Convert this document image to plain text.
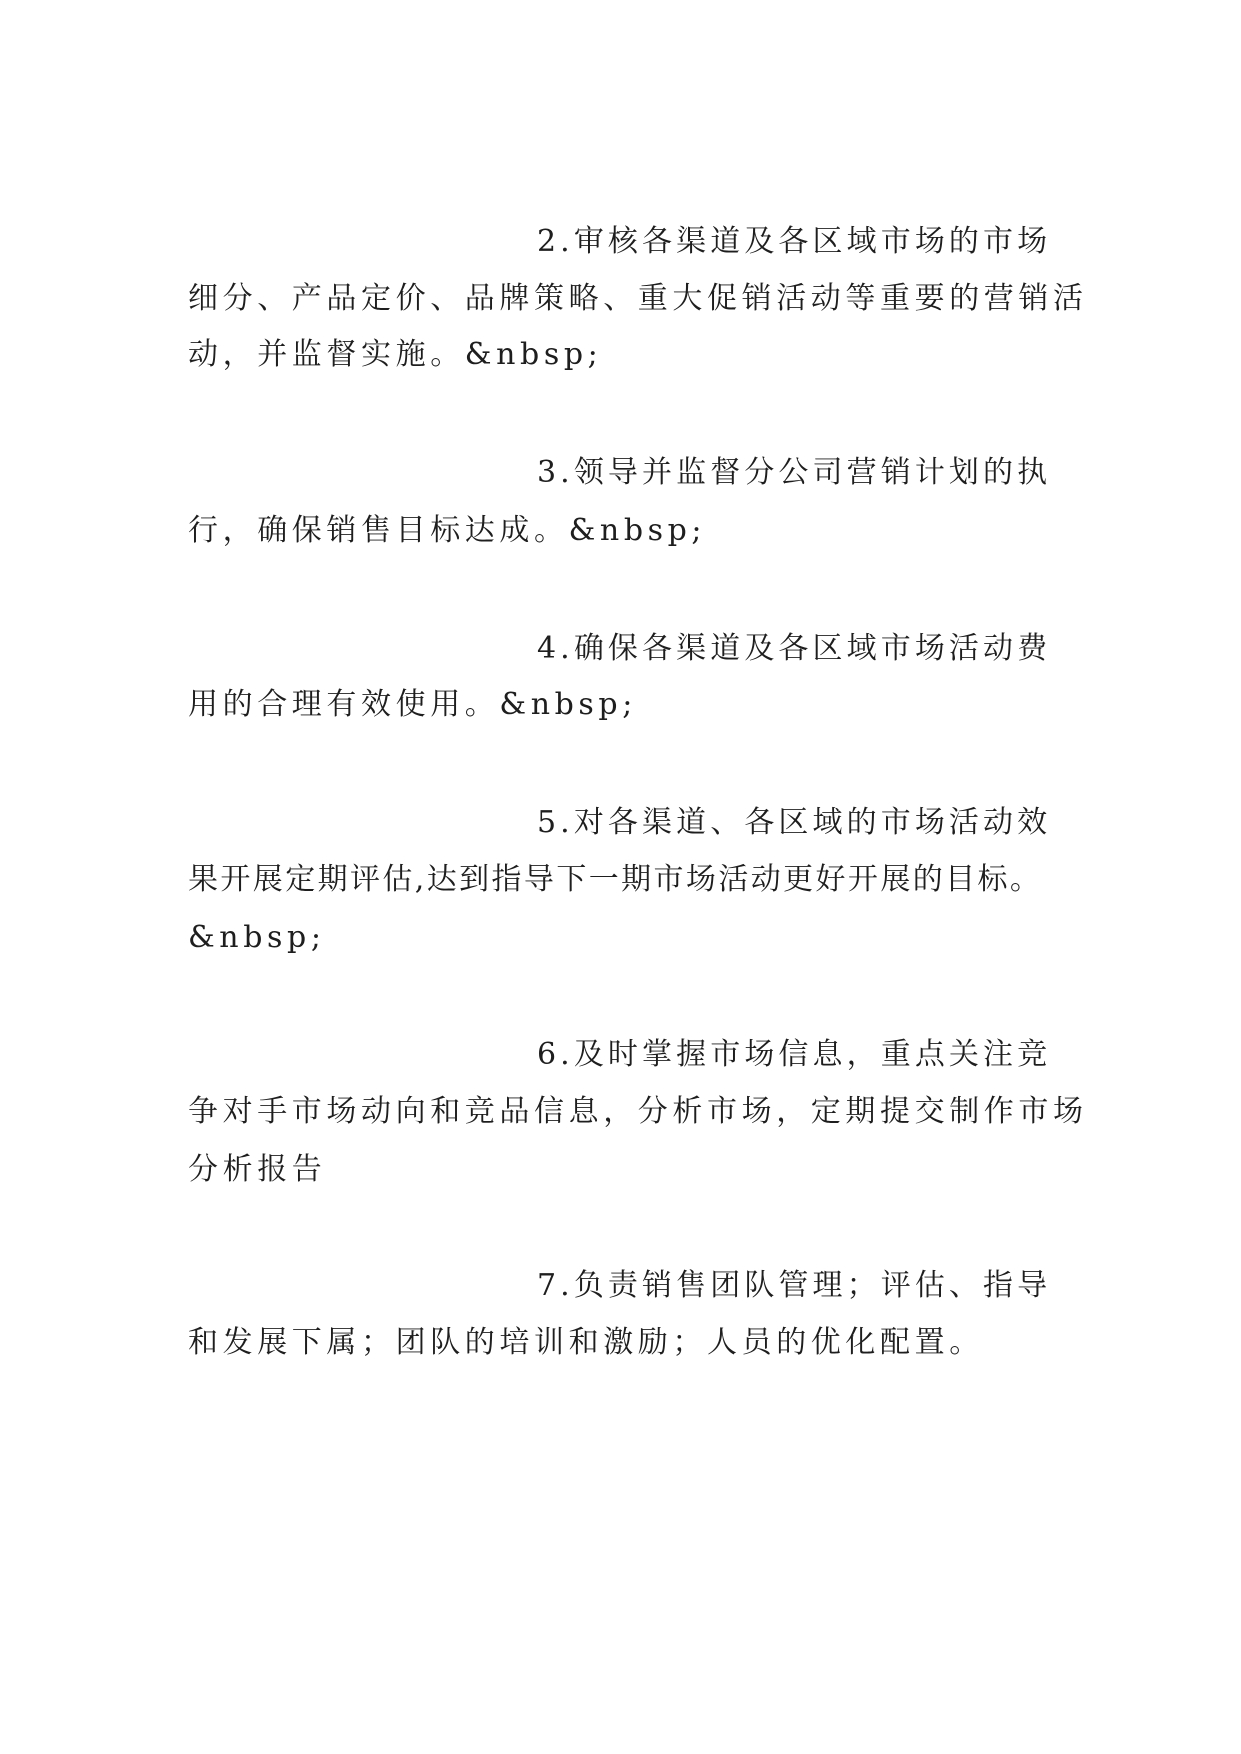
2.审核各渠道及各区域市场的市场
细分、产品定价、品牌策略、重大促销活动等重要的营销活
动，并监督实施。&nbsp;
3.领导并监督分公司营销计划的执
行，确保销售目标达成。&nbsp;
4.确保各渠道及各区域市场活动费
用的合理有效使用。&nbsp;
5.对各渠道、各区域的市场活动效
果开展定期评估,达到指导下一期市场活动更好开展的目标。
&nbsp;
6.及时掌握市场信息，重点关注竞
争对手市场动向和竞品信息，分析市场，定期提交制作市场
分析报告
7.负责销售团队管理；评估、指导
和发展下属；团队的培训和激励；人员的优化配置。
